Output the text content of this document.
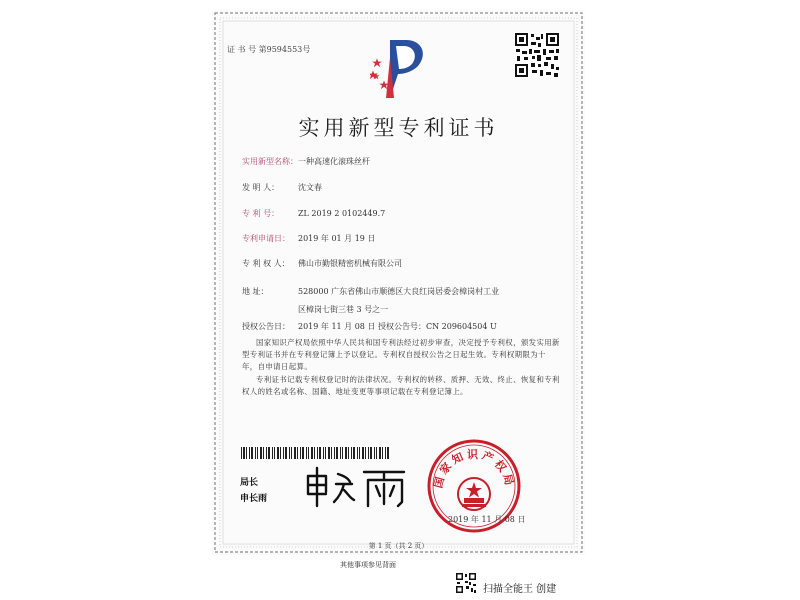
证 书 号 第9594553号
实用新型专利证书
实用新型名称：一种高速化滚珠丝杆
发 明 人： 沈文春
专 利 号： ZL 2019 2 0102449.7
专利申请日： 2019 年 01 月 19 日
专 利 权 人： 佛山市勤银精密机械有限公司
地 址：	528000 广东省佛山市顺德区大良红岗居委会樟岗村工业
区樟岗七街三巷 3 号之一
授权公告日： 2019 年 11 月 08 日 授权公告号：CN 209604504 U
国家知识产权局依照中华人民共和国专利法经过初步审查，决定授予专利权，颁发实用新型专利证书并在专利登记簿上予以登记。专利权自授权公告之日起生效。专利权期限为十年，自申请日起算。
专利证书记载专利权登记时的法律状况。专利权的转移、质押、无效、终止、恢复和专利权人的姓名或名称、国籍、地址变更等事项记载在专利登记簿上。
局长
申长雨
国家知识产权局
2019 年 11 月 08 日
第 1 页（共 2 页）
其他事项参见背面
扫描全能王 创建
